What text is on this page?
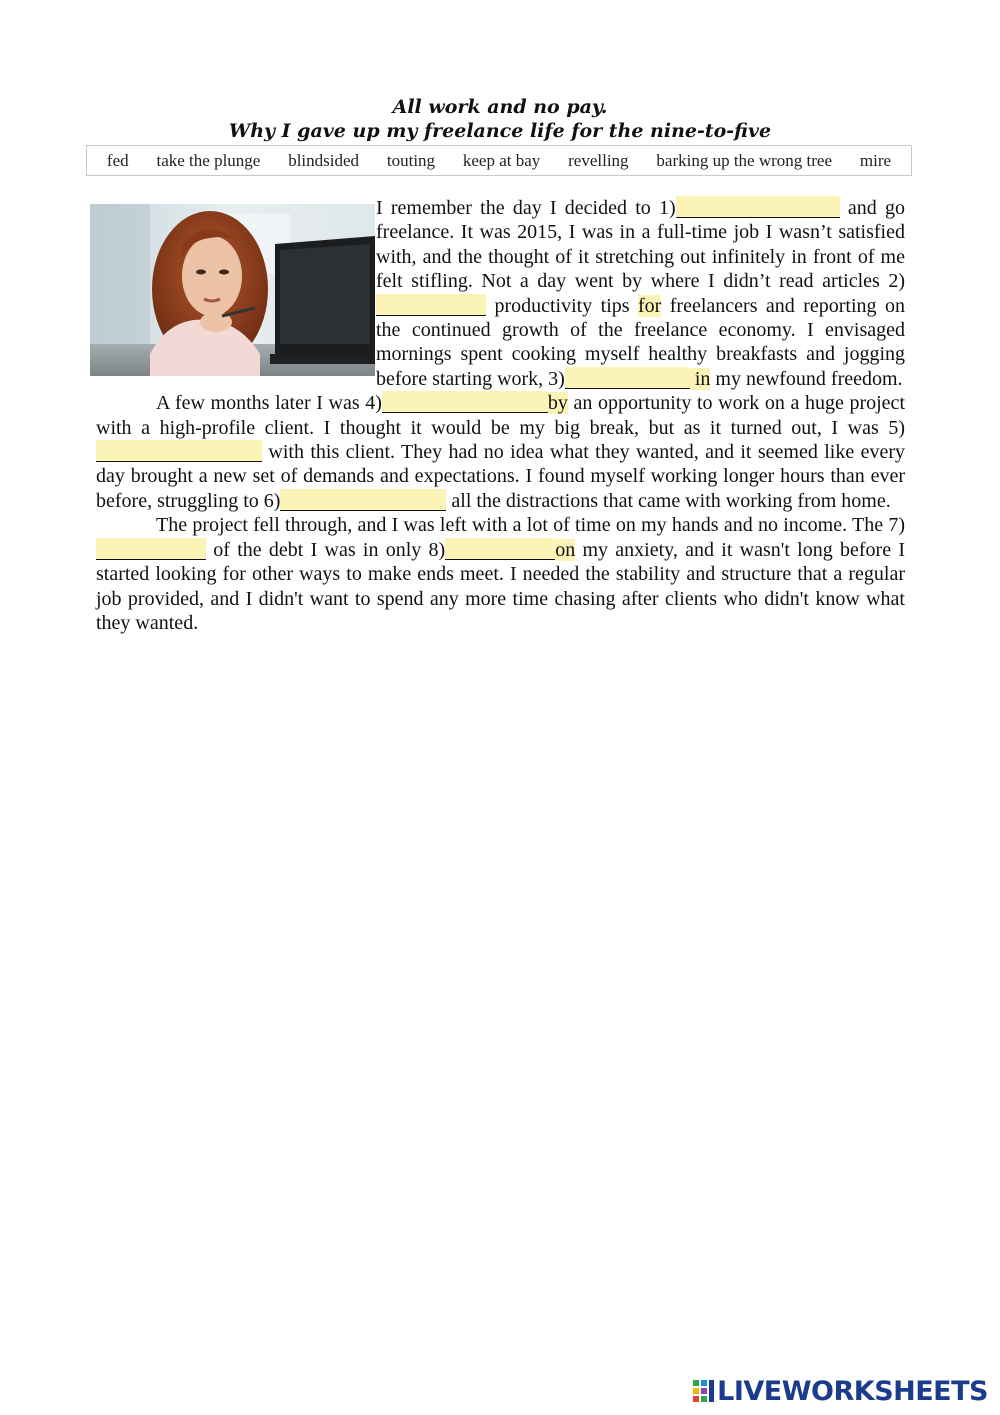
All work and no pay.
Why I gave up my freelance life for the nine-to-five
fed take the plunge blindsided touting keep at bay revelling barking up the wrong tree mire

I remember the day I decided to 1)	and go freelance. It was 2015, I was in a full-time job I wasn’t satisfied with, and the thought of it stretching out infinitely in front of me felt stifling. Not a day went by where I didn’t read articles 2) productivity tips for freelancers and reporting on the continued growth of the freelance economy. I envisaged mornings spent cooking myself healthy breakfasts and jogging before starting work, 3)	in my newfound freedom.

A few months later I was 4)	by an opportunity to work on a huge project with a high-profile client. I thought it would be my big break, but as it turned out, I was 5) with this client. They had no idea what they wanted, and it seemed like every day brought a new set of demands and expectations. I found myself working longer hours than ever before, struggling to 6)	all the distractions that came with working from home.

The project fell through, and I was left with a lot of time on my hands and no income. The 7) of the debt I was in only 8)	on my anxiety, and it wasn't long before I started looking for other ways to make ends meet. I needed the stability and structure that a regular job provided, and I didn't want to spend any more time chasing after clients who didn't know what they wanted.

LIVEWORKSHEETS
